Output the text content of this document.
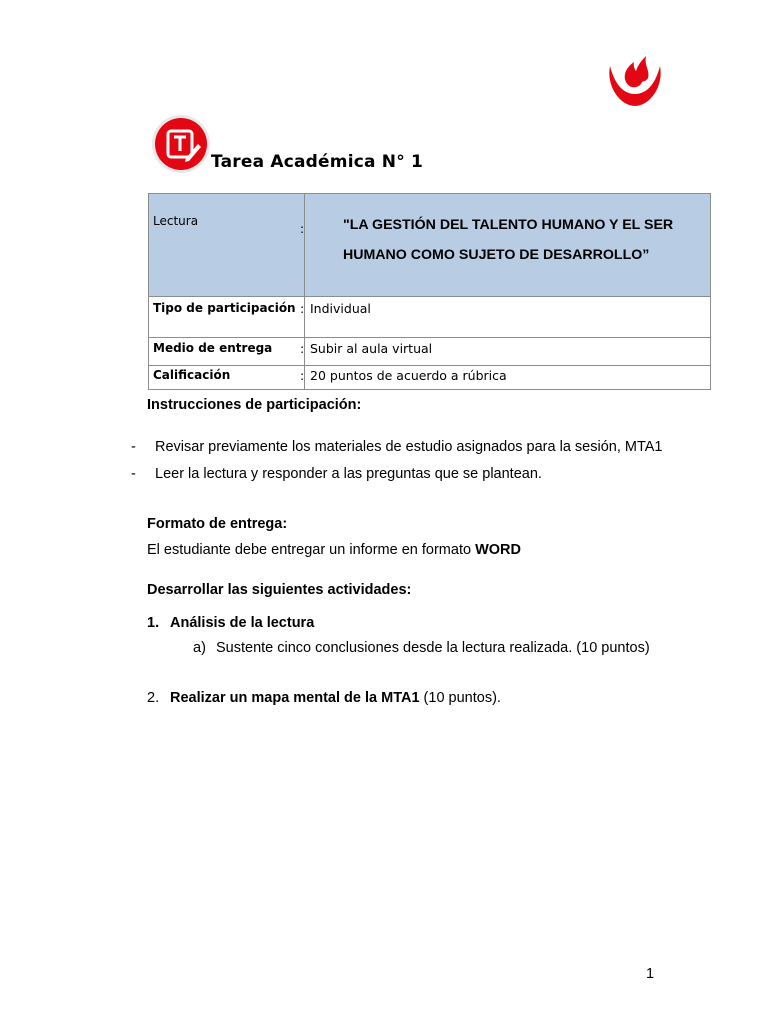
Tarea Académica N° 1
Lectura	: "LA GESTIÓN DEL TALENTO HUMANO Y EL SER
HUMANO COMO SUJETO DE DESARROLLO”

Tipo de participación	: Individual
Medio de entrega	: Subir al aula virtual
Calificación	: 20 puntos de acuerdo a rúbrica
Instrucciones de participación:
- Revisar previamente los materiales de estudio asignados para la sesión, MTA1
- Leer la lectura y responder a las preguntas que se plantean.
Formato de entrega:
El estudiante debe entregar un informe en formato WORD
Desarrollar las siguientes actividades:
1. Análisis de la lectura
a) Sustente cinco conclusiones desde la lectura realizada. (10 puntos)
2. Realizar un mapa mental de la MTA1 (10 puntos).
1
